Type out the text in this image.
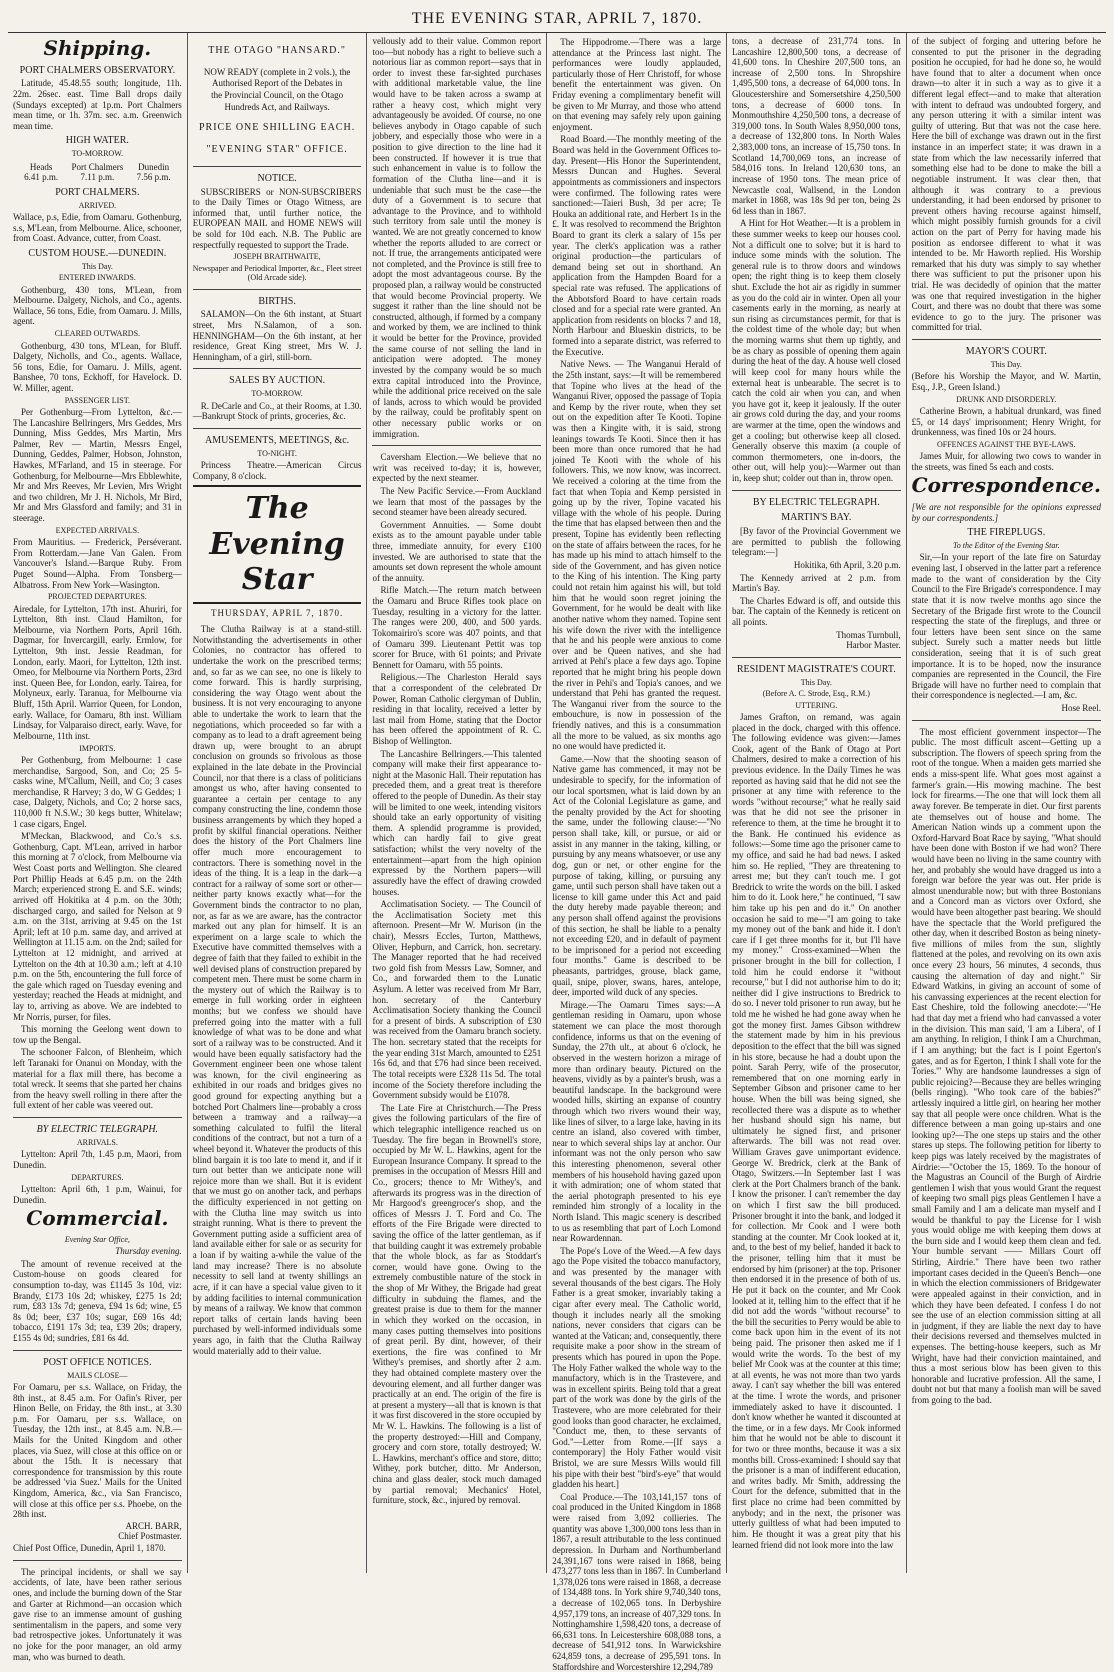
THE EVENING STAR, APRIL 7, 1870.
Shipping.
PORT CHALMERS OBSERVATORY.

Latitude, 45.48.55 south; longitude, 11h. 22m. 26sec. east. Time Ball drops daily (Sundays excepted) at 1p.m. Port Chalmers mean time, or 1h. 37m. sec. a.m. Greenwich mean time.

HIGH WATER.
TO-MORROW.
Heads
6.41 p.m.
Port Chalmers
7.11 p.m.
Dunedin
7.56 p.m.
PORT CHALMERS.
ARRIVED.

Wallace, p.s, Edie, from Oamaru. Gothenburg, s.s, M'Lean, from Melbourne. Alice, schooner, from Coast. Advance, cutter, from Coast.

CUSTOM HOUSE.—DUNEDIN.
This Day.
ENTERED INWARDS.

Gothenburg, 430 tons, M'Lean, from Melbourne. Dalgety, Nichols, and Co., agents. Wallace, 56 tons, Edie, from Oamaru. J. Mills, agent.

CLEARED OUTWARDS.

Gothenburg, 430 tons, M'Lean, for Bluff. Dalgety, Nicholls, and Co., agents. Wallace, 56 tons, Edie, for Oamaru. J. Mills, agent. Banshee, 70 tons, Eckhoff, for Havelock. D. W. Miller, agent.

PASSENGER LIST.

Per Gothenburg—From Lyttelton, &c.—The Lancashire Bellringers, Mrs Geddes, Mrs Dunning, Miss Geddes, Mrs Martin, Mrs Palmer, Rev — Martin, Messrs Engel, Dunning, Geddes, Palmer, Hobson, Johnston, Hawkes, M'Farland, and 15 in steerage. For Gothenburg, for Melbourne—Mrs Ebblewhite, Mr and Mrs Reeves, Mr Levien, Mrs Wright and two children, Mr J. H. Nichols, Mr Bird, Mr and Mrs Glassford and family; and 31 in steerage.

EXPECTED ARRIVALS.

From Mauritius. — Frederick, Perséverant. From Rotterdam.—Jane Van Galen. From Vancouver's Island.—Barque Ruby. From Puget Sound—Alpha. From Tonsberg—Albatross. From New York—Wasington.

PROJECTED DEPARTURES.

Airedale, for Lyttelton, 17th inst. Ahuriri, for Lyttelton, 8th inst. Claud Hamilton, for Melbourne, via Northern Ports, April 16th. Dagmar, for Invercargill, early. Ermlow, for Lyttelton, 9th inst. Jessie Readman, for London, early. Maori, for Lyttelton, 12th inst. Omeo, for Melbourne via Northern Ports, 23rd inst. Queen Bee, for London, early. Tairea, for Molyneux, early. Taranua, for Melbourne via Bluff, 15th April. Warrior Queen, for London, early. Wallace, for Oamaru, 8th inst. William Lindsay, for Valparaiso direct, early. Wave, for Melbourne, 11th inst.

IMPORTS.

Per Gothenburg, from Melbourne: 1 case merchandise, Sargood, Son, and Co; 25 5-casks wine, M'Callum, Neill, and Co; 3 cases merchandise, R Harvey; 3 do, W G Geddes; 1 case, Dalgety, Nichols, and Co; 2 horse sacs, 110,000 ft N.S.W.; 30 kegs butter, Whitelaw; 1 case cigars, Engel.

M'Meckan, Blackwood, and Co.'s s.s. Gothenburg, Capt. M'Lean, arrived in harbor this morning at 7 o'clock, from Melbourne via West Coast ports and Wellington. She cleared Port Phillip Heads at 6.45 p.m. on the 24th March; experienced strong E. and S.E. winds; arrived off Hokitika at 4 p.m. on the 30th; discharged cargo, and sailed for Nelson at 9 a.m. on the 31st, arriving at 9.45 on the 1st April; left at 10 p.m. same day, and arrived at Wellington at 11.15 a.m. on the 2nd; sailed for Lyttelton at 12 midnight, and arrived at Lyttelton on the 4th at 10.30 a.m.; left at 4.10 p.m. on the 5th, encountering the full force of the gale which raged on Tuesday evening and yesterday; reached the Heads at midnight, and lay to, arriving as above. We are indebted to Mr Norris, purser, for files.

This morning the Geelong went down to tow up the Bengal.

The schooner Falcon, of Blenheim, which left Taranaki for Onanui on Monday, with the material for a flax mill there, has become a total wreck. It seems that she parted her chains from the heavy swell rolling in there after the full extent of her cable was veered out.

BY ELECTRIC TELEGRAPH.
ARRIVALS.

Lyttelton: April 7th, 1.45 p.m, Maori, from Dunedin.

DEPARTURES.

Lyttelton: April 6th, 1 p.m, Wainui, for Dunedin.

Commercial.
Evening Star Office,
Thursday evening.

The amount of revenue received at the Custom-house on goods cleared for consumption to-day, was £1145 3s 10d, viz: Brandy, £173 10s 2d; whiskey, £275 1s 2d; rum, £83 13s 7d; geneva, £94 1s 6d; wine, £5 8s 0d; beer, £37 10s; sugar, £69 16s 4d; tobacco, £191 17s 3d; tea, £39 20s; drapery, £155 4s 0d; sundries, £81 6s 4d.

POST OFFICE NOTICES.
MAILS CLOSE—

For Oamaru, per s.s. Wallace, on Friday, the 8th inst., at 8.45 a.m. For Oafin's River, per Hinon Belle, on Friday, the 8th inst., at 3.30 p.m. For Oamaru, per s.s. Wallace, on Tuesday, the 12th inst., at 8.45 a.m. N.B.—Mails for the United Kingdom and other places, via Suez, will close at this office on or about the 15th. It is necessary that correspondence for transmission by this route be addressed 'via Suez.' Mails for the United Kingdom, America, &c., via San Francisco, will close at this office per s.s. Phoebe, on the 28th inst.

ARCH. BARR,
Chief Postmaster.

Chief Post Office, Dunedin, April 1, 1870.

The principal incidents, or shall we say accidents, of late, have been rather serious ones, and include the burning down of the Star and Garter at Richmond—an occasion which gave rise to an immense amount of gushing sentimentalism in the papers, and some very bad retrospective jokes. Unfortunately it was no joke for the poor manager, an old army man, who was burned to death.

THE OTAGO "HANSARD."
NOW READY (complete in 2 vols.), the
Authorised Report of the Debates in
the Provincial Council, on the Otago
Hundreds Act, and Railways.
PRICE ONE SHILLING EACH.
"EVENING STAR" OFFICE.
NOTICE.

SUBSCRIBERS or NON-SUBSCRIBERS to the Daily Times or Otago Witness, are informed that, until further notice, the EUROPEAN MAIL and HOME NEWS will be sold for 10d each. N.B. The Public are respectfully requested to support the Trade.

JOSEPH BRAITHWAITE,
Newspaper and Periodical Importer, &c., Fleet street (Old Arcade side).
BIRTHS.

SALAMON—On the 6th instant, at Stuart street, Mrs N.Salamon, of a son. HENNINGHAM—On the 6th instant, at her residence, Great King street, Mrs W. J. Henningham, of a girl, still-born.

SALES BY AUCTION.
TO-MORROW.

R. DeCarle and Co., at their Rooms, at 1.30.—Bankrupt Stock of prints, groceries, &c.

AMUSEMENTS, MEETINGS, &c.
TO-NIGHT.

Princess Theatre.—American Circus Company, 8 o'clock.

The Evening Star
THURSDAY, APRIL 7, 1870.

The Clutha Railway is at a stand-still. Notwithstanding the advertisements in other Colonies, no contractor has offered to undertake the work on the prescribed terms; and, so far as we can see, no one is likely to come forward. This is hardly surprising, considering the way Otago went about the business. It is not very encouraging to anyone able to undertake the work to learn that the negotiations, which proceeded so far with a company as to lead to a draft agreement being drawn up, were brought to an abrupt conclusion on grounds so frivolous as those explained in the late debate in the Provincial Council, nor that there is a class of politicians amongst us who, after having consented to guarantee a certain per centage to any company constructing the line, condemn those business arrangements by which they hoped a profit by skilful financial operations. Neither does the history of the Port Chalmers line offer much more encouragement to contractors. There is something novel in the ideas of the thing. It is a leap in the dark—a contract for a railway of some sort or other—neither party knows exactly what—for the Government binds the contractor to no plan, nor, as far as we are aware, has the contractor marked out any plan for himself. It is an experiment on a large scale to which the Executive have committed themselves with a degree of faith that they failed to exhibit in the well devised plans of construction prepared by competent men. There must be some charm in the mystery out of which the Railway is to emerge in full working order in eighteen months; but we confess we should have preferred going into the matter with a full knowledge of what was to be done and what sort of a railway was to be constructed. And it would have been equally satisfactory had the Government engineer been one whose talent was known, for the civil engineering as exhibited in our roads and bridges gives no good ground for expecting anything but a botched Port Chalmers line—probably a cross between a tramway and a railway—a something calculated to fulfil the literal conditions of the contract, but not a turn of a wheel beyond it. Whatever the products of this blind bargain it is too late to mend it, and if it turn out better than we anticipate none will rejoice more than we shall. But it is evident that we must go on another tack, and perhaps the difficulty experienced in not getting on with the Clutha line may switch us into straight running. What is there to prevent the Government putting aside a sufficient area of land available either for sale or as security for a loan if by waiting a-while the value of the land may increase? There is no absolute necessity to sell land at twenty shillings an acre, if it can have a special value given to it by adding facilities to internal communication by means of a railway. We know that common report talks of certain lands having been purchased by well-informed individuals some years ago, in faith that the Clutha Railway would materially add to their value.

vellously add to their value. Common report too—but nobody has a right to believe such a notorious liar as common report—says that in order to invest these far-sighted purchases with additional marketable value, the line would have to be taken across a swamp at rather a heavy cost, which might very advantageously be avoided. Of course, no one believes anybody in Otago capable of such jobbery, and especially those who were in a position to give direction to the line had it been constructed. If however it is true that such enhancement in value is to follow the formation of the Clutha line—and it is undeniable that such must be the case—the duty of a Government is to secure that advantage to the Province, and to withhold such territory from sale until the money is wanted. We are not greatly concerned to know whether the reports alluded to are correct or not. If true, the arrangements anticipated were not completed, and the Province is still free to adopt the most advantageous course. By the proposed plan, a railway would be constructed that would become Provincial property. We suggest it rather than the line should not be constructed, although, if formed by a company and worked by them, we are inclined to think it would be better for the Province, provided the same course of not selling the land in anticipation were adopted. The money invested by the company would be so much extra capital introduced into the Province, while the additional price received on the sale of lands, across to which would be provided by the railway, could be profitably spent on other necessary public works or on immigration.

Caversham Election.—We believe that no writ was received to-day; it is, however, expected by the next steamer.

The New Pacific Service.—From Auckland we learn that most of the passages by the second steamer have been already secured.

Government Annuities. — Some doubt exists as to the amount payable under table three, immediate annuity, for every £100 invested. We are authorised to state that the amounts set down represent the whole amount of the annuity.

Rifle Match.—The return match between the Oamaru and Bruce Rifles took place on Tuesday, resulting in a victory for the latter. The ranges were 200, 400, and 500 yards. Tokomairiro's score was 407 points, and that of Oamaru 399. Lieutenant Pettit was top scorer for Bruce, with 61 points; and Private Bennett for Oamaru, with 55 points.

Religious.—The Charleston Herald says that a correspondent of the celebrated Dr Power, Roman Catholic clergyman of Dublin, residing in that locality, received a letter by last mail from Home, stating that the Doctor has been offered the appointment of R. C. Bishop of Wellington.

The Lancashire Bellringers.—This talented company will make their first appearance to-night at the Masonic Hall. Their reputation has preceded them, and a great treat is therefore offered to the people of Dunedin. As their stay will be limited to one week, intending visitors should take an early opportunity of visiting them. A splendid programme is provided, which can hardly fail to give great satisfaction; whilst the very novelty of the entertainment—apart from the high opinion expressed by the Northern papers—will assuredly have the effect of drawing crowded houses.

Acclimatisation Society. — The Council of the Acclimatisation Society met this afternoon. Present—Mr W. Murison (in the chair), Messrs Eccles, Turton, Matthews, Oliver, Hepburn, and Carrick, hon. secretary. The Manager reported that he had received two gold fish from Messrs Law, Somner, and Co., and forwarded them to the Lunatic Asylum. A letter was received from Mr Barr, hon. secretary of the Canterbury Acclimatisation Society thanking the Council for a present of birds. A subscription of £30 was received from the Oamaru branch society. The hon. secretary stated that the receipts for the year ending 31st March, amounted to £251 16s 6d, and that £76 had since been received. The total receipts were £328 11s 5d. The total income of the Society therefore including the Government subsidy would be £1078.

The Late Fire at Christchurch.—The Press gives the following particulars of the fire of which telegraphic intelligence reached us on Tuesday. The fire began in Brownell's store, occupied by Mr W. L. Hawkins, agent for the European Insurance Company. It spread to the premises in the occupation of Messrs Hill and Co., grocers; thence to Mr Withey's, and afterwards its progress was in the direction of Mr Hargood's greengrocer's shop, and the offices of Messrs J. T. Ford and Co. The efforts of the Fire Brigade were directed to saving the office of the latter gentleman, as if that building caught it was extremely probable that the whole block, as far as Stoddart's corner, would have gone. Owing to the extremely combustible nature of the stock in the shop of Mr Withey, the Brigade had great difficulty in subduing the flames, and the greatest praise is due to them for the manner in which they worked on the occasion, in many cases putting themselves into positions of great peril. By dint, however, of their exertions, the fire was confined to Mr Withey's premises, and shortly after 2 a.m. they had obtained complete mastery over the devouring element, and all further danger was practically at an end. The origin of the fire is at present a mystery—all that is known is that it was first discovered in the store occupied by Mr W. L. Hawkins. The following is a list of the property destroyed:—Hill and Company, grocery and corn store, totally destroyed; W. L. Hawkins, merchant's office and store, ditto; Withey, pork butcher, ditto. Mr Anderson, china and glass dealer, stock much damaged by partial removal; Mechanics' Hotel, furniture, stock, &c., injured by removal.

The Hippodrome.—There was a large attendance at the Princess last night. The performances were loudly applauded, particularly those of Herr Christoff, for whose benefit the entertainment was given. On Friday evening a complimentary benefit will be given to Mr Murray, and those who attend on that evening may safely rely upon gaining enjoyment.

Road Board.—The monthly meeting of the Board was held in the Government Offices to-day. Present—His Honor the Superintendent, Messrs Duncan and Hughes. Several appointments as commissioners and inspectors were confirmed. The following rates were sanctioned:—Taieri Bush, 3d per acre; Te Houka an additional rate, and Herbert 1s in the £. It was resolved to recommend the Brighton Board to grant its clerk a salary of 15s per year. The clerk's application was a rather original production—the particulars of demand being set out in shorthand. An application from the Hampden Board for a special rate was refused. The applications of the Abbotsford Board to have certain roads closed and for a special rate were granted. An application from residents on blocks 7 and 18, North Harbour and Blueskin districts, to be formed into a separate district, was referred to the Executive.

Native News. — The Wanganui Herald of the 25th instant, says:—It will be remembered that Topine who lives at the head of the Wanganui River, opposed the passage of Topia and Kemp by the river route, when they set out on the expedition after Te Kooti. Topine was then a Kingite with, it is said, strong leanings towards Te Kooti. Since then it has been more than once rumored that he had joined Te Kooti with the whole of his followers. This, we now know, was incorrect. We received a coloring at the time from the fact that when Topia and Kemp persisted in going up by the river, Topine vacated his village with the whole of his people. During the time that has elapsed between then and the present, Topine has evidently been reflecting on the state of affairs between the races, for he has made up his mind to attach himself to the side of the Government, and has given notice to the King of his intention. The King party could not retain him against his will, but told him that he would soon regret joining the Government, for he would be dealt with like another native whom they named. Topine sent his wife down the river with the intelligence that he and his people were anxious to come over and be Queen natives, and she had arrived at Pehi's place a few days ago. Topine reported that he might bring his people down the river in Pehi's and Topia's canoes, and we understand that Pehi has granted the request. The Wanganui river from the source to the embouchure, is now in possession of the friendly natives, and this is a consummation all the more to be valued, as six months ago no one would have predicted it.

Game.—Now that the shooting season of Native game has commenced, it may not be undesirable to specify, for the information of our local sportsmen, what is laid down by an Act of the Colonial Legislature as game, and the penalty provided by the Act for shooting the same, under the following clause:—"No person shall take, kill, or pursue, or aid or assist in any manner in the taking, killing, or pursuing by any means whatsoever, or use any dog, gun or net, or other engine for the purpose of taking, killing, or pursuing any game, until such person shall have taken out a license to kill game under this Act and paid the duty hereby made payable thereon; and any person shall offend against the provisions of this section, he shall be liable to a penalty not exceeding £20, and in default of payment to be imprisoned for a period not exceeding four months." Game is described to be pheasants, partridges, grouse, black game, quail, snipe, plover, swans, hares, antelope, deer, imported wild duck of any species.

Mirage.—The Oamaru Times says:—A gentleman residing in Oamaru, upon whose statement we can place the most thorough confidence, informs us that on the evening of Sunday, the 27th ult., at about 6 o'clock, he observed in the western horizon a mirage of more than ordinary beauty. Pictured on the heavens, vividly as by a painter's brush, was a beautiful landscape. In the background were wooded hills, skirting an expanse of country through which two rivers wound their way, like lines of silver, to a large lake, having in its centre an island, also covered with timber, near to which several ships lay at anchor. Our informant was not the only person who saw this interesting phenomenon, several other members of his household having gazed upon it with admiration; one of whom stated that the aerial photograph presented to his eye reminded him strongly of a locality in the North Island. This magic scenery is described to us as resembling that part of Loch Lomond near Rowardennan.

The Pope's Love of the Weed.—A few days ago the Pope visited the tobacco manufactory, and was presented by the manager with several thousands of the best cigars. The Holy Father is a great smoker, invariably taking a cigar after every meal. The Catholic world, though it includes nearly all the smoking nations, never considers that cigars can be wanted at the Vatican; and, consequently, there requisite make a poor show in the stream of presents which has poured in upon the Pope. The Holy Father walked the whole way to the manufactory, which is in the Trastevere, and was in excellent spirits. Being told that a great part of the work was done by the girls of the Trastevere, who are more celebrated for their good looks than good character, he exclaimed, "Conduct me, then, to these servants of God."—Letter from Rome.—[If says a contemporary] the Holy Father would visit Bristol, we are sure Messrs Wills would fill his pipe with their best "bird's-eye" that would gladden his heart.]

Coal Produce.—The 103,141,157 tons of coal produced in the United Kingdom in 1868 were raised from 3,092 collieries. The quantity was above 1,300,000 tons less than in 1867, a result attributable to the less continued depression. In Durham and Northumberland 24,391,167 tons were raised in 1868, being 473,277 tons less than in 1867. In Cumberland 1,378,026 tons were raised in 1868, a decrease of 134,488 tons. In York shire 9,740,340 tons, a decrease of 102,065 tons. In Derbyshire 4,957,179 tons, an increase of 407,329 tons. In Nottinghamshire 1,598,420 tons, a decrease of 66,631 tons. In Leicestershire 608,088 tons, a decrease of 541,912 tons. In Warwickshire 624,859 tons, a decrease of 295,591 tons. In Staffordshire and Worcestershire 12,294,789

tons, a decrease of 231,774 tons. In Lancashire 12,800,500 tons, a decrease of 41,600 tons. In Cheshire 207,500 tons, an increase of 2,500 tons. In Shropshire 1,495,500 tons, a decrease of 64,000 tons. In Gloucestershire and Somersetshire 4,250,500 tons, a decrease of 6000 tons. In Monmouthshire 4,250,500 tons, a decrease of 319,000 tons. In South Wales 8,950,000 tons, a decrease of 132,800 tons. In North Wales 2,383,000 tons, an increase of 15,750 tons. In Scotland 14,700,069 tons, an increase of 584,016 tons. In Ireland 120,630 tons, an increase of 1950 tons. The mean price of Newcastle coal, Wallsend, in the London market in 1868, was 18s 9d per ton, being 2s 6d less than in 1867.

A Hint for Hot Weather.—It is a problem in these summer weeks to keep our houses cool. Not a difficult one to solve; but it is hard to induce some minds with the solution. The general rule is to throw doors and windows open; the right thing is to keep them closely shut. Exclude the hot air as rigidly in summer as you do the cold air in winter. Open all your casements early in the morning, as nearly at sun rising as circumstances permit, for that is the coldest time of the whole day; but when the morning warms shut them up tightly, and be as chary as possible of opening them again during the heat of the day. A house well closed will keep cool for many hours while the external heat is unbearable. The secret is to catch the cold air when you can, and when you have got it, keep it jealously. If the outer air grows cold during the day, and your rooms are warmer at the time, open the windows and get a cooling; but otherwise keep all closed. Generally observe this maxim (a couple of common thermometers, one in-doors, the other out, will help you):—Warmer out than in, keep shut; colder out than in, throw open.

BY ELECTRIC TELEGRAPH.
MARTIN'S BAY.

[By favor of the Provincial Government we are permitted to publish the following telegram:—]

Hokitika, 6th April, 3.20 p.m.

The Kennedy arrived at 2 p.m. from Martin's Bay.

The Charles Edward is off, and outside this bar. The captain of the Kennedy is reticent on all points.

Thomas Turnbull,
Harbor Master.
RESIDENT MAGISTRATE'S COURT.
This Day.
(Before A. C. Strode, Esq., R.M.)
UTTERING.

James Grafton, on remand, was again placed in the dock, charged with this offence. The following evidence was given:—James Cook, agent of the Bank of Otago at Port Chalmers, desired to make a correction of his previous evidence. In the Daily Times he was reported as having said that he did not see the prisoner at any time with reference to the words "without recourse;" what he really said was that he did not see the prisoner in reference to them, at the time he brought it to the Bank. He continued his evidence as follows:—Some time ago the prisoner came to my office, and said he had bad news. I asked him so. He replied, "They are threatening to arrest me; but they can't touch me. I got Bredrick to write the words on the bill. I asked him to do it. Look here," he continued, "I saw him take up his pen and do it." On another occasion he said to me—"I am going to take my money out of the bank and hide it. I don't care if I get three months for it, but I'll have my money." Cross-examined—When the prisoner brought in the bill for collection, I told him he could endorse it "without recourse," but I did not authorise him to do it; neither did I give instructions to Bredrick to do so. I never told prisoner to run away, but he told me he wished he had gone away when he got the money first. James Gibson withdrew the statement made by him in his previous deposition to the effect that the bill was signed in his store, because he had a doubt upon the point. Sarah Perry, wife of the prosecutor, remembered that on one morning early in September Gibson and prisoner came to her house. When the bill was being signed, she recollected there was a dispute as to whether her husband should sign his name, but ultimately he signed first, and prisoner afterwards. The bill was not read over. William Graves gave unimportant evidence. George W. Bredrick, clerk at the Bank of Otago, Switzers.—In September last I was clerk at the Port Chalmers branch of the bank. I know the prisoner. I can't remember the day on which I first saw the bill produced. Prisoner brought it into the bank, and lodged it for collection. Mr Cook and I were both standing at the counter. Mr Cook looked at it, and, to the best of my belief, handed it back to the prisoner, telling him that it must be endorsed by him (prisoner) at the top. Prisoner then endorsed it in the presence of both of us. He put it back on the counter, and Mr Cook looked at it, telling him to the effect that if he did not add the words "without recourse" to the bill the securities to Perry would be able to come back upon him in the event of its not being paid. The prisoner then asked me if I would write the words. To the best of my belief Mr Cook was at the counter at this time; at all events, he was not more than two yards away. I can't say whether the bill was entered at the time. I wrote the words, and prisoner immediately asked to have it discounted. I don't know whether he wanted it discounted at the time, or in a few days. Mr Cook informed him that he would not be able to discount it for two or three months, because it was a six months bill. Cross-examined: I should say that the prisoner is a man of indifferent education, and writes badly. Mr Smith, addressing the Court for the defence, submitted that in the first place no crime had been committed by anybody; and in the next, the prisoner was utterly guiltless of what had been imputed to him. He thought it was a great pity that his learned friend did not look more into the law

of the subject of forging and uttering before he consented to put the prisoner in the degrading position he occupied, for had he done so, he would have found that to alter a document when once drawn—to alter it in such a way as to give it a different legal effect—and to make that alteration with intent to defraud was undoubted forgery, and any person uttering it with a similar intent was guilty of uttering. But that was not the case here. Here the bill of exchange was drawn out in the first instance in an imperfect state; it was drawn in a state from which the law necessarily inferred that something else had to be done to make the bill a negotiable instrument. It was clear then, that although it was contrary to a previous understanding, it had been endorsed by prisoner to prevent others having recourse against himself, which might possibly furnish grounds for a civil action on the part of Perry for having made his position as endorsee different to what it was intended to be. Mr Haworth replied. His Worship remarked that his duty was simply to say whether there was sufficient to put the prisoner upon his trial. He was decidedly of opinion that the matter was one that required investigation in the higher Court, and there was no doubt that there was some evidence to go to the jury. The prisoner was committed for trial.

MAYOR'S COURT.
This Day.

(Before his Worship the Mayor, and W. Martin, Esq., J.P., Green Island.)

DRUNK AND DISORDERLY.

Catherine Brown, a habitual drunkard, was fined £5, or 14 days' imprisonment; Henry Wright, for drunkenness, was fined 10s or 24 hours.

OFFENCES AGAINST THE BYE-LAWS.

James Muir, for allowing two cows to wander in the streets, was fined 5s each and costs.

Correspondence.

[We are not responsible for the opinions expressed by our correspondents.]

THE FIREPLUGS.
To the Editor of the Evening Star.

Sir,—In your report of the late fire on Saturday evening last, I observed in the latter part a reference made to the want of consideration by the City Council to the Fire Brigade's correspondence. I may state that it is now twelve months ago since the Secretary of the Brigade first wrote to the Council respecting the state of the fireplugs, and three or four letters have been sent since on the same subject. Surely such a matter needs but little consideration, seeing that it is of such great importance. It is to be hoped, now the insurance companies are represented in the Council, the Fire Brigade will have no further need to complain that their correspondence is neglected.—I am, &c.

Hose Reel.

The most efficient government inspector—The public. The most difficult ascent—Getting up a subscription. The flowers of speech spring from the root of the tongue. When a maiden gets married she ends a miss-spent life. What goes most against a farmer's grain.—His mowing machine. The best lock for firearms.—The one that will lock them all away forever. Be temperate in diet. Our first parents ate themselves out of house and home. The American Nation winds up a comment upon the Oxford-Harvard Boat Race by saying, "What should have been done with Boston if we had won? There would have been no living in the same country with her, and probably she would have dragged us into a foreign war before the year was out. Her pride is almost unendurable now; but with three Bostonians and a Concord man as victors over Oxford, she would have been altogether past bearing. We should have the spectacle that the World prefigured the other day, when it described Boston as being ninety-five millions of miles from the sun, slightly flattened at the poles, and revolving on its own axis once every 23 hours, 56 minutes, 4 seconds, thus causing the alternation of day and night." Sir Edward Watkins, in giving an account of some of his canvassing experiences at the recent election for East Cheshire, told the following anecdote:—"He had that day met a friend who had canvassed a voter in the division. This man said, 'I am a Libera', of I am anything. In religion, I think I am a Churchman, if I am anything; but the fact is I point Egerton's gates, and as for Egerton, I think I shall vote for the Tories.'" Why are handsome laundresses a sign of public rejoicing?—Because they are belles wringing (bells ringing). "Who took care of the babies?" artlessly inquired a little girl, on hearing her mother say that all people were once children. What is the difference between a man going up-stairs and one looking up?—The one steps up stairs and the other stares up steps. The following petition for liberty to keep pigs was lately received by the magistrates of Airdrie:—"October the 15, 1869. To the honour of the Magustras an Council of the Burgh of Airdrie gentlemen I wish that yous would Grant the request of keeping two small pigs pleas Gentlemen I have a small Family and I am a delicate man myself and I would be thankful to pay the License for I wish yous would oblige me with keeping them dows at the burn side and I would keep them clean and fed. Your humble servant —— Millars Court off Stirling, Airdrie." There have been two rather important cases decided in the Queen's Bench—one in which the election commissioners of Bridgewater were appealed against in their conviction, and in which they have been defeated. I confess I do not see the use of an election commission sitting at all in judgment, if they are liable the next day to have their decisions reversed and themselves mulcted in expenses. The betting-house keepers, such as Mr Wright, have had their conviction maintained, and thus a most serious blow has been given to this honorable and lucrative profession. All the same, I doubt not but that many a foolish man will be saved from going to the bad.
